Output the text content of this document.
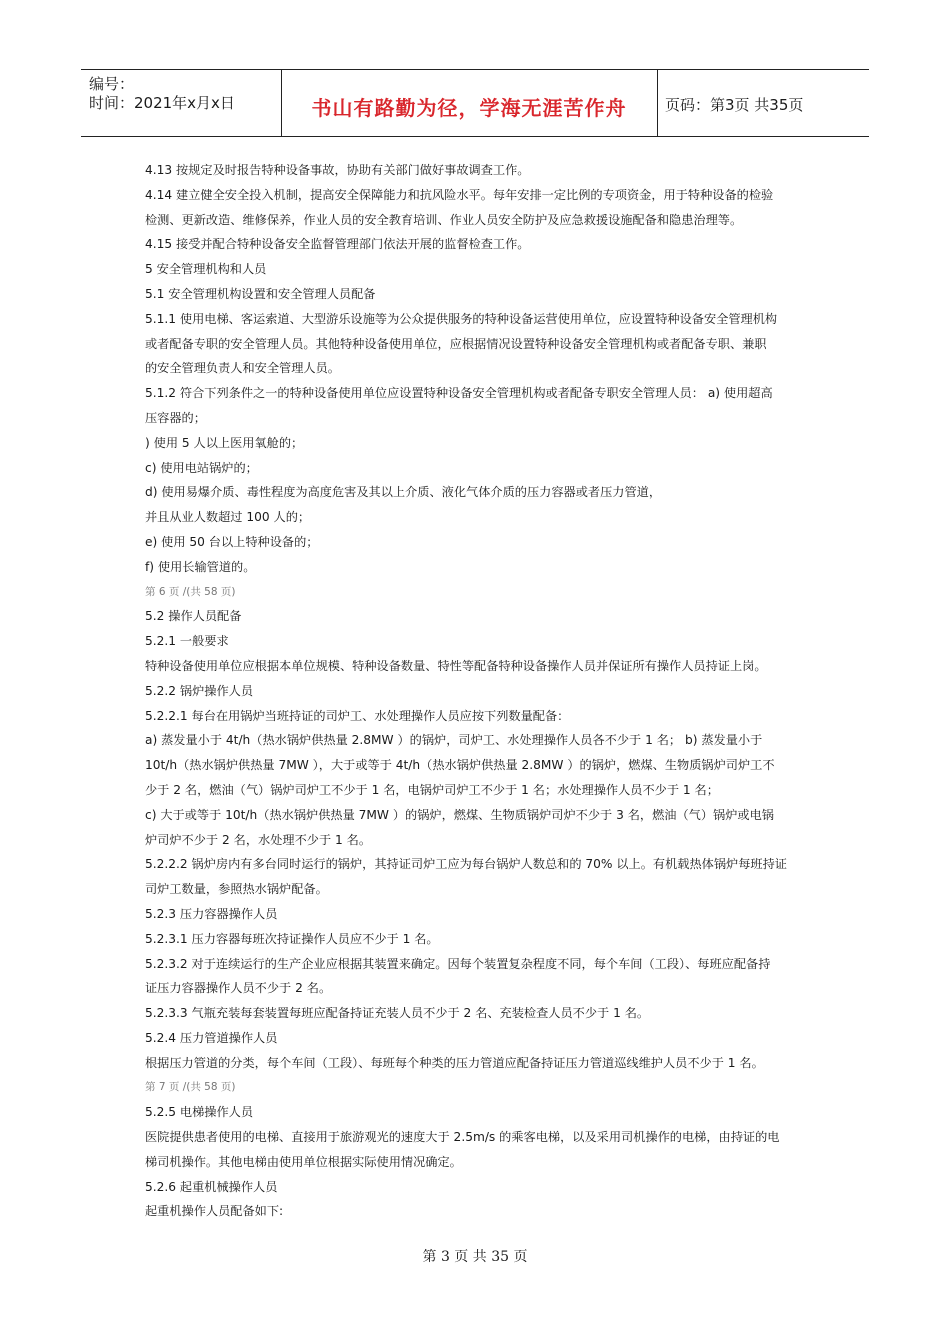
编号：
时间：2021年x月x日	书山有路勤为径，学海无涯苦作舟	页码：第3页 共35页
4.13 按规定及时报告特种设备事故，协助有关部门做好事故调查工作。
4.14 建立健全安全投入机制，提高安全保障能力和抗风险水平。每年安排一定比例的专项资金，用于特种设备的检验
检测、更新改造、维修保养，作业人员的安全教育培训、作业人员安全防护及应急救援设施配备和隐患治理等。
4.15 接受并配合特种设备安全监督管理部门依法开展的监督检查工作。
5 安全管理机构和人员
5.1 安全管理机构设置和安全管理人员配备
5.1.1 使用电梯、客运索道、大型游乐设施等为公众提供服务的特种设备运营使用单位，应设置特种设备安全管理机构
或者配备专职的安全管理人员。其他特种设备使用单位，应根据情况设置特种设备安全管理机构或者配备专职、兼职
的安全管理负责人和安全管理人员。
5.1.2 符合下列条件之一的特种设备使用单位应设置特种设备安全管理机构或者配备专职安全管理人员： a) 使用超高
压容器的；
) 使用 5 人以上医用氧舱的；
c) 使用电站锅炉的；
d) 使用易爆介质、毒性程度为高度危害及其以上介质、液化气体介质的压力容器或者压力管道，
并且从业人数超过 100 人的；
e) 使用 50 台以上特种设备的；
f) 使用长输管道的。
第 6 页 /(共 58 页)
5.2 操作人员配备
5.2.1 一般要求
特种设备使用单位应根据本单位规模、特种设备数量、特性等配备特种设备操作人员并保证所有操作人员持证上岗。
5.2.2 锅炉操作人员
5.2.2.1 每台在用锅炉当班持证的司炉工、水处理操作人员应按下列数量配备：
a) 蒸发量小于 4t/h（热水锅炉供热量 2.8MW ）的锅炉，司炉工、水处理操作人员各不少于 1 名； b) 蒸发量小于
10t/h（热水锅炉供热量 7MW ），大于或等于 4t/h（热水锅炉供热量 2.8MW ）的锅炉，燃煤、生物质锅炉司炉工不
少于 2 名，燃油（气）锅炉司炉工不少于 1 名，电锅炉司炉工不少于 1 名；水处理操作人员不少于 1 名；
c) 大于或等于 10t/h（热水锅炉供热量 7MW ）的锅炉，燃煤、生物质锅炉司炉不少于 3 名，燃油（气）锅炉或电锅
炉司炉不少于 2 名，水处理不少于 1 名。
5.2.2.2 锅炉房内有多台同时运行的锅炉，其持证司炉工应为每台锅炉人数总和的 70% 以上。有机载热体锅炉每班持证
司炉工数量，参照热水锅炉配备。
5.2.3 压力容器操作人员
5.2.3.1 压力容器每班次持证操作人员应不少于 1 名。
5.2.3.2 对于连续运行的生产企业应根据其装置来确定。因每个装置复杂程度不同，每个车间（工段）、每班应配备持
证压力容器操作人员不少于 2 名。
5.2.3.3 气瓶充装每套装置每班应配备持证充装人员不少于 2 名、充装检查人员不少于 1 名。
5.2.4 压力管道操作人员
根据压力管道的分类，每个车间（工段）、每班每个种类的压力管道应配备持证压力管道巡线维护人员不少于 1 名。
第 7 页 /(共 58 页)
5.2.5 电梯操作人员
医院提供患者使用的电梯、直接用于旅游观光的速度大于 2.5m/s 的乘客电梯，以及采用司机操作的电梯，由持证的电
梯司机操作。其他电梯由使用单位根据实际使用情况确定。
5.2.6 起重机械操作人员
起重机操作人员配备如下:
第 3 页 共 35 页
